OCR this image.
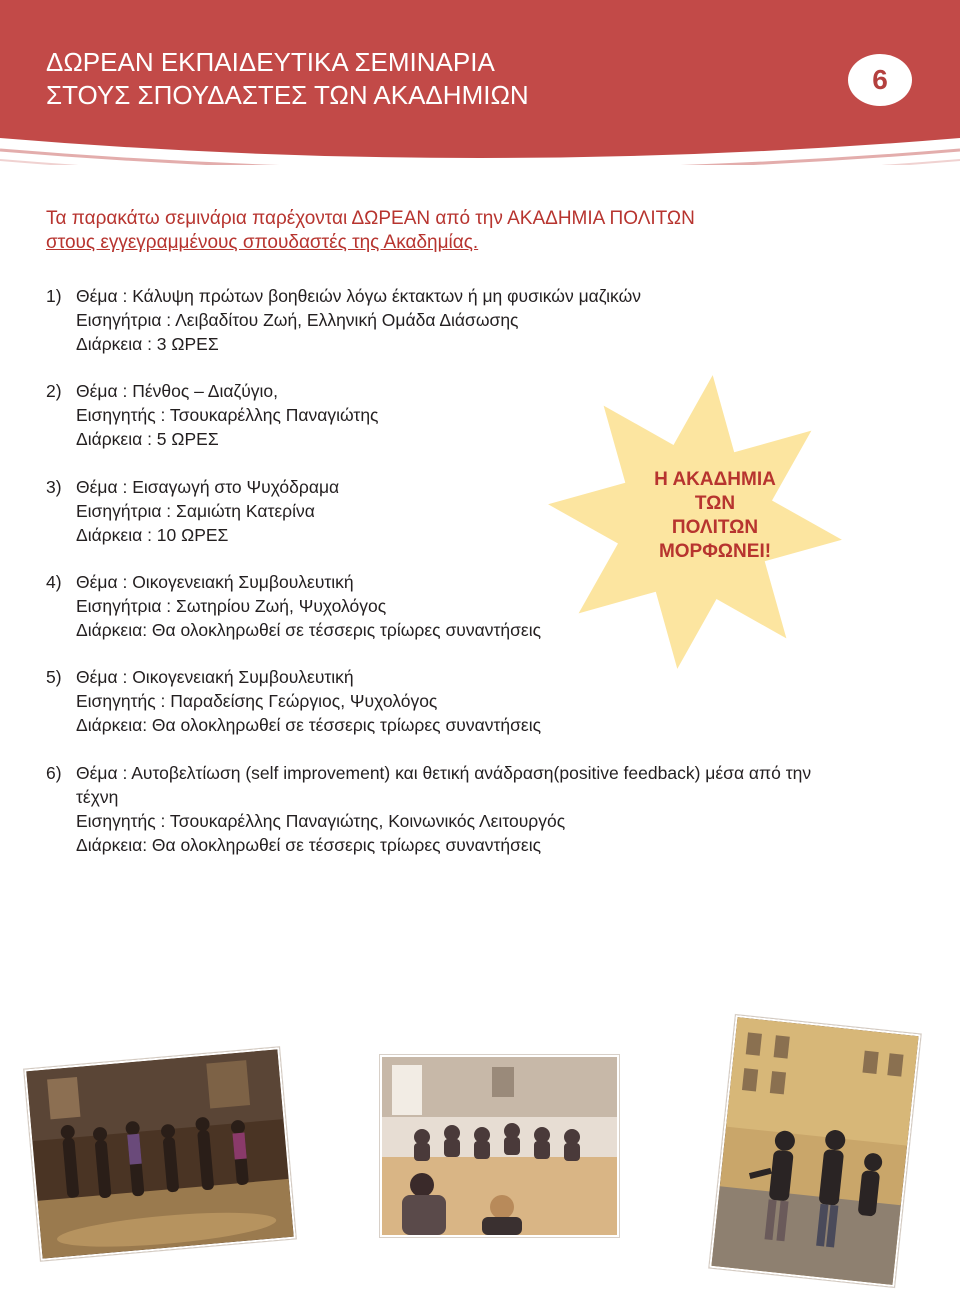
ΔΩΡΕΑΝ ΕΚΠΑΙΔΕΥΤΙΚΑ ΣΕΜΙΝΑΡΙΑ
ΣΤΟΥΣ ΣΠΟΥΔΑΣΤΕΣ ΤΩΝ ΑΚΑΔΗΜΙΩΝ	6
Τα παρακάτω σεμινάρια παρέχονται ΔΩΡΕΑΝ από την ΑΚΑΔΗΜΙΑ ΠΟΛΙΤΩΝ
στους εγγεγραμμένους σπουδαστές της Ακαδημίας.
Η ΑΚΑΔΗΜΙΑ
ΤΩΝ
ΠΟΛΙΤΩΝ
ΜΟΡΦΩΝΕΙ!
1) Θέμα : Κάλυψη πρώτων βοηθειών λόγω έκτακτων ή μη φυσικών μαζικών
Εισηγήτρια : Λειβαδίτου Ζωή, Ελληνική Ομάδα Διάσωσης
Διάρκεια : 3 ΩΡΕΣ
2) Θέμα : Πένθος – Διαζύγιο,
Εισηγητής : Τσουκαρέλλης Παναγιώτης
Διάρκεια : 5 ΩΡΕΣ
3) Θέμα : Εισαγωγή στο Ψυχόδραμα
Εισηγήτρια : Σαμιώτη Κατερίνα
Διάρκεια : 10 ΩΡΕΣ
4) Θέμα : Οικογενειακή Συμβουλευτική
Εισηγήτρια : Σωτηρίου Ζωή, Ψυχολόγος
Διάρκεια: Θα ολοκληρωθεί σε τέσσερις τρίωρες συναντήσεις
5) Θέμα : Οικογενειακή Συμβουλευτική
Εισηγητής : Παραδείσης Γεώργιος, Ψυχολόγος
Διάρκεια: Θα ολοκληρωθεί σε τέσσερις τρίωρες συναντήσεις
6) Θέμα : Αυτοβελτίωση (self improvement) και θετική ανάδραση(positive feedback) μέσα από την
τέχνη
Εισηγητής : Τσουκαρέλλης Παναγιώτης, Κοινωνικός Λειτουργός
Διάρκεια: Θα ολοκληρωθεί σε τέσσερις τρίωρες συναντήσεις
